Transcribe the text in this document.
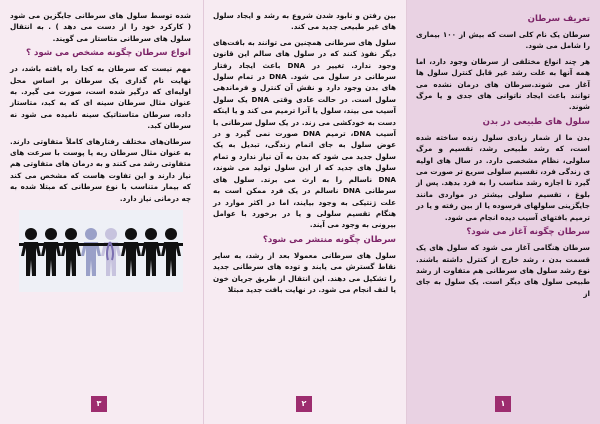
تعریف سرطان

سرطان یک نام کلی است که بیش از ۱۰۰ بیماری را شامل می شود.

هر چند انواع مختلفی از سرطان وجود دارد، اما همه آنها به علت رشد غیر قابل کنترل سلول ها آغاز می شوند.سرطان های درمان نشده می توانند باعث ایجاد ناتوانی های جدی و یا مرگ شوند.

سلول های طبیعی در بدن

بدن ما از شمار زیادی سلول زنده ساخته شده است، که رشد طبیعی رشد، تقسیم و مرگ سلولی، نظام مشخصی دارد. در سال های اولیه ی زندگی فرد، تقسیم سلولی سریع تر صورت می گیرد تا اجازه رشد مناسب را به فرد بدهد. پس از بلوغ ، تقسیم سلولی بیشتر در مواردی مانند جایگزینی سلولهای فرسوده یا از بین رفته و یا در ترمیم بافتهای آسیب دیده انجام می شود.

سرطان چگونه آغاز می شود؟

سرطان هنگامی آغاز می شود که سلول های یک قسمت بدن ، رشد خارج از کنترل داشته باشند. نوع رشد سلول های سرطانی هم متفاوت از رشد طبیعی سلول های دیگر است. یک سلول به جای از

۱

بین رفتن و نابود شدن شروع به رشد و ایجاد سلول های غیر طبیعی جدید می کند.

سلول های سرطانی همچنین می توانند به بافت‌های دیگر نفوذ کنند که در سلول های سالم این قانون وجود ندارد. تغییر در DNA باعث ایجاد رفتار سرطانی در سلول می شود. DNA در تمام سلول های بدن وجود دارد و نقش آن کنترل و فرماندهی سلول است. در حالت عادی وقتی DNA یک سلول آسیب می بیند، سلول یا آنرا ترمیم می کند و یا اینکه دست به خودکشی می زند. در یک سلول سرطانی با آسیب DNA، ترمیم DNA صورت نمی گیرد و در عوض سلول به جای اتمام زندگی، تبدیل به یک سلول جدید می شود که بدن به آن نیاز ندارد و تمام سلول های جدید که از این سلول تولید می شوند، DNA ناسالم را به ارث می برند. سلول های سرطانی DNA ناسالم در یک فرد ممکن است به علت ژنتیکی به وجود بیایند، اما در اکثر موارد در هنگام تقسیم سلولی و یا در برخورد با عوامل بیرونی به وجود می آیند.

سرطان چگونه منتشر می شود؟

سلول های سرطانی معمولا بعد از رشد، به سایر نقاط گسترش می یابند و توده های سرطانی جدید را تشکیل می دهند. این انتقال از طریق جریان خون یا لنف انجام می شود. در نهایت بافت جدید مبتلا

۲

شده توسط سلول های سرطانی جایگزین می شود ( کارکرد خود را از دست می دهد ) . به انتقال سلول های سرطانی متاستاز می گویند.

انواع سرطان چگونه مشخص می شود ؟

مهم نیست که سرطان به کجا راه یافته باشد، در نهایت نام گذاری یک سرطان بر اساس محل اولیه‌ای که درگیر شده است، صورت می گیرد. به عنوان مثال سرطان سینه ای که به کبد، متاستاز داده، سرطان متاستاتیک سینه نامیده می شود نه سرطان کبد.

سرطان‌های مختلف رفتارهای کاملاً متفاوتی دارند. به عنوان مثال سرطان ریه یا پوست با سرعت های متفاوتی رشد می کنند و به درمان های متفاوتی هم نیاز دارند و این تفاوت هاست که مشخص می کند که بیمار متناسب با نوع سرطانی که مبتلا شده به چه درمانی نیاز دارد.

۳
